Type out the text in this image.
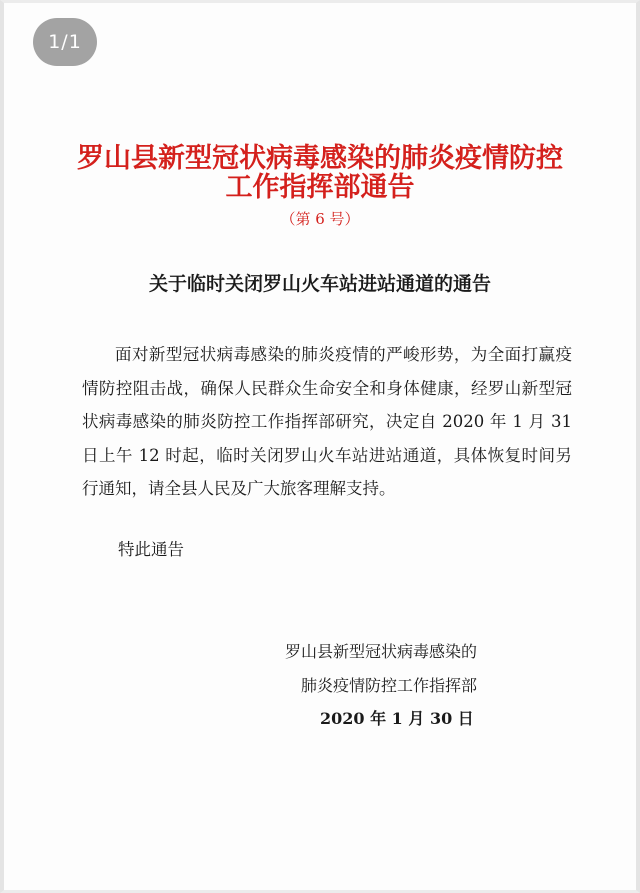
1/1
罗山县新型冠状病毒感染的肺炎疫情防控
工作指挥部通告
（第 6 号）
关于临时关闭罗山火车站进站通道的通告

面对新型冠状病毒感染的肺炎疫情的严峻形势，为全面打赢疫情防控阻击战，确保人民群众生命安全和身体健康，经罗山新型冠状病毒感染的肺炎防控工作指挥部研究，决定自 2020 年 1 月 31 日上午 12 时起，临时关闭罗山火车站进站通道，具体恢复时间另行通知，请全县人民及广大旅客理解支持。

特此通告
罗山县新型冠状病毒感染的
肺炎疫情防控工作指挥部
2020 年 1 月 30 日
